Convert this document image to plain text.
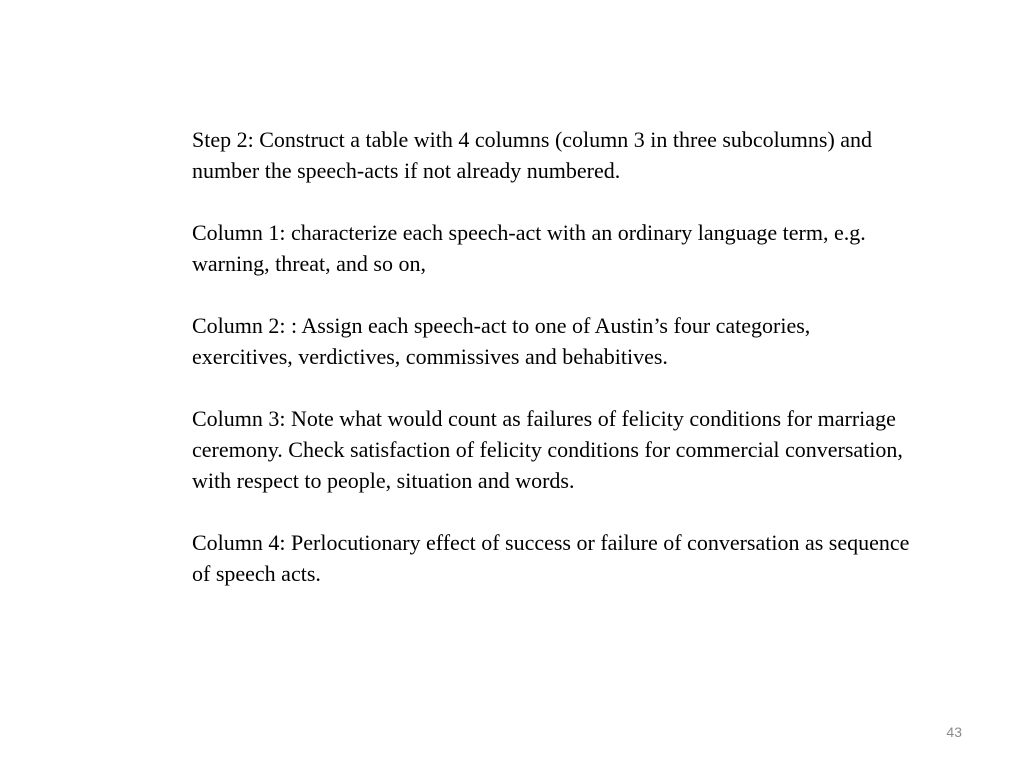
Step 2: Construct a table with 4 columns (column 3 in three subcolumns) and number the speech-acts if not already numbered.

Column 1: characterize each speech-act with an ordinary language term, e.g. warning, threat, and so on,

Column 2: : Assign each speech-act to one of Austin’s four categories, exercitives, verdictives, commissives and behabitives.

Column 3: Note what would count as failures of felicity conditions for marriage ceremony. Check satisfaction of felicity conditions for commercial conversation, with respect to people, situation and words.

Column 4: Perlocutionary effect of success or failure of conversation as sequence of speech acts.

43
